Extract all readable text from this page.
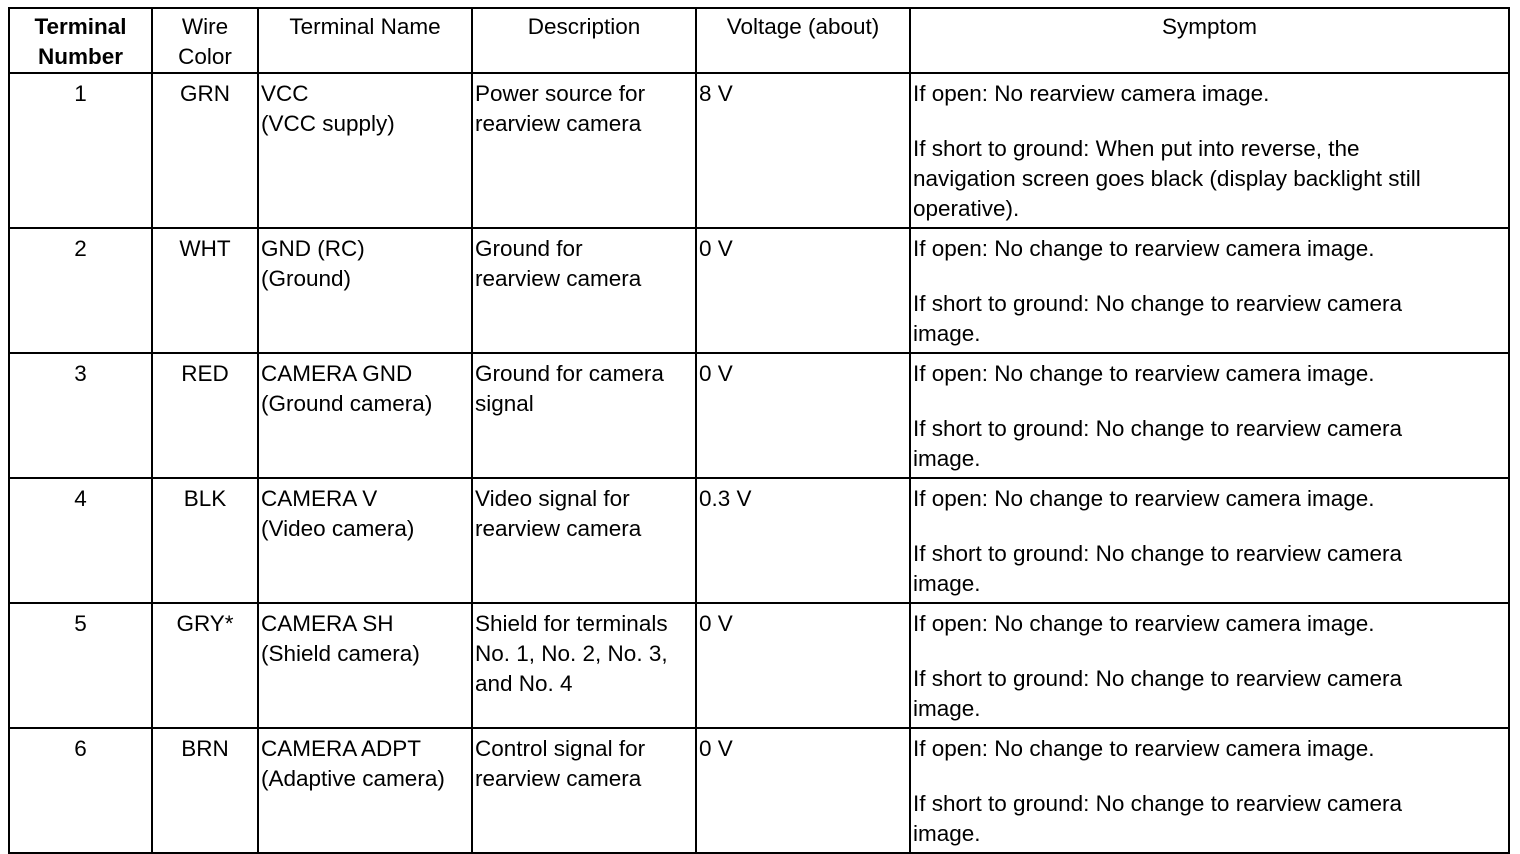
Terminal
Number	Wire
Color	Terminal Name	Description	Voltage (about)	Symptom
1	GRN	VCC
(VCC supply)	Power source for
rearview camera	8 V	If open: No rearview camera image.
If short to ground: When put into reverse, the
navigation screen goes black (display backlight still
operative).

2	WHT	GND (RC)
(Ground)	Ground for
rearview camera	0 V	If open: No change to rearview camera image.
If short to ground: No change to rearview camera
image.

3	RED	CAMERA GND
(Ground camera)	Ground for camera
signal	0 V	If open: No change to rearview camera image.
If short to ground: No change to rearview camera
image.

4	BLK	CAMERA V
(Video camera)	Video signal for
rearview camera	0.3 V	If open: No change to rearview camera image.
If short to ground: No change to rearview camera
image.

5	GRY*	CAMERA SH
(Shield camera)	Shield for terminals
No. 1, No. 2, No. 3,
and No. 4	0 V	If open: No change to rearview camera image.
If short to ground: No change to rearview camera
image.

6	BRN	CAMERA ADPT
(Adaptive camera)	Control signal for
rearview camera	0 V	If open: No change to rearview camera image.
If short to ground: No change to rearview camera
image.
